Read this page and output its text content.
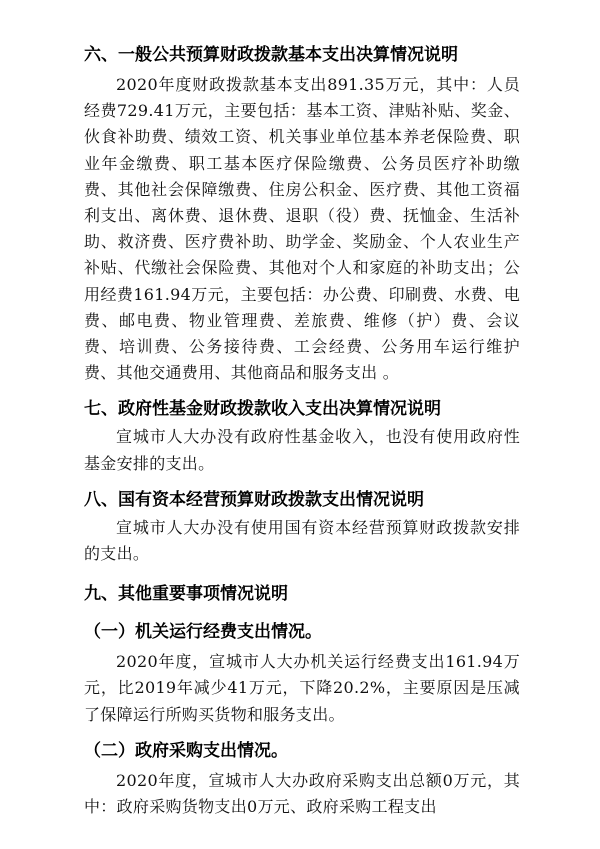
六、一般公共预算财政拨款基本支出决算情况说明

2020年度财政拨款基本支出891.35万元，其中：人员经费729.41万元，主要包括：基本工资、津贴补贴、奖金、伙食补助费、绩效工资、机关事业单位基本养老保险费、职业年金缴费、职工基本医疗保险缴费、公务员医疗补助缴费、其他社会保障缴费、住房公积金、医疗费、其他工资福利支出、离休费、退休费、退职（役）费、抚恤金、生活补助、救济费、医疗费补助、助学金、奖励金、个人农业生产补贴、代缴社会保险费、其他对个人和家庭的补助支出；公用经费161.94万元，主要包括：办公费、印刷费、水费、电费、邮电费、物业管理费、差旅费、维修（护）费、会议费、培训费、公务接待费、工会经费、公务用车运行维护费、其他交通费用、其他商品和服务支出 。

七、政府性基金财政拨款收入支出决算情况说明

宣城市人大办没有政府性基金收入，也没有使用政府性基金安排的支出。

八、国有资本经营预算财政拨款支出情况说明

宣城市人大办没有使用国有资本经营预算财政拨款安排的支出。

九、其他重要事项情况说明
（一）机关运行经费支出情况。

2020年度，宣城市人大办机关运行经费支出161.94万元，比2019年减少41万元，下降20.2%，主要原因是压减了保障运行所购买货物和服务支出。

（二）政府采购支出情况。

2020年度，宣城市人大办政府采购支出总额0万元，其中：政府采购货物支出0万元、政府采购工程支出
